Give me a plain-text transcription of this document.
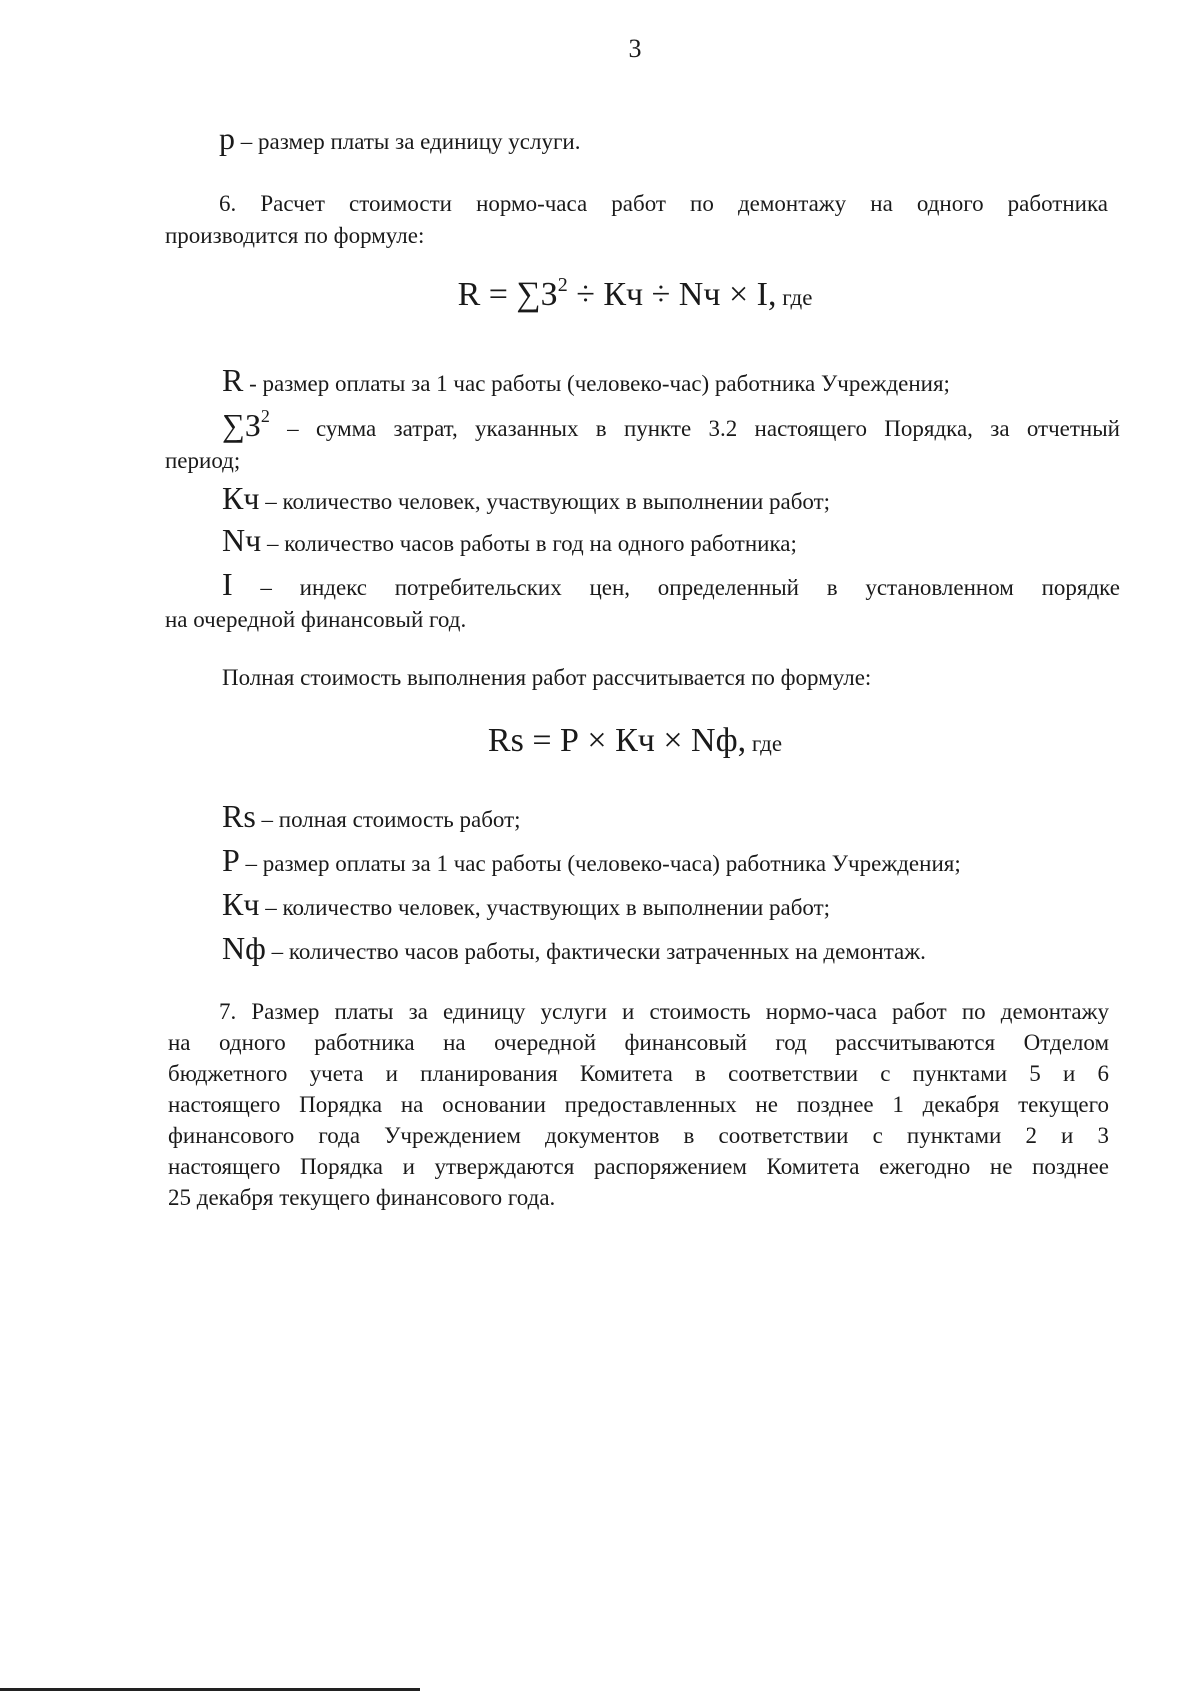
3
р – размер платы за единицу услуги.
6. Расчет стоимости нормо-часа работ по демонтажу на одного работника
производится по формуле:
R = ∑З2 ÷ Кч ÷ Nч × I, где
R - размер оплаты за 1 час работы (человеко-час) работника Учреждения;
$\sum З^2$ – сумма затрат, указанных в пункте 3.2 настоящего Порядка, за отчетный
период;
Кч – количество человек, участвующих в выполнении работ;
Nч – количество часов работы в год на одного работника;
I – индекс потребительских цен, определенный в установленном порядке
на очередной финансовый год.
Полная стоимость выполнения работ рассчитывается по формуле:
Rs = Р × Кч × Nф, где
Rs – полная стоимость работ;
Р – размер оплаты за 1 час работы (человеко-часа) работника Учреждения;
Кч – количество человек, участвующих в выполнении работ;
Nф – количество часов работы, фактически затраченных на демонтаж.
7. Размер платы за единицу услуги и стоимость нормо-часа работ по демонтажу
на одного работника на очередной финансовый год рассчитываются Отделом
бюджетного учета и планирования Комитета в соответствии с пунктами 5 и 6
настоящего Порядка на основании предоставленных не позднее 1 декабря текущего
финансового года Учреждением документов в соответствии с пунктами 2 и 3
настоящего Порядка и утверждаются распоряжением Комитета ежегодно не позднее
25 декабря текущего финансового года.
